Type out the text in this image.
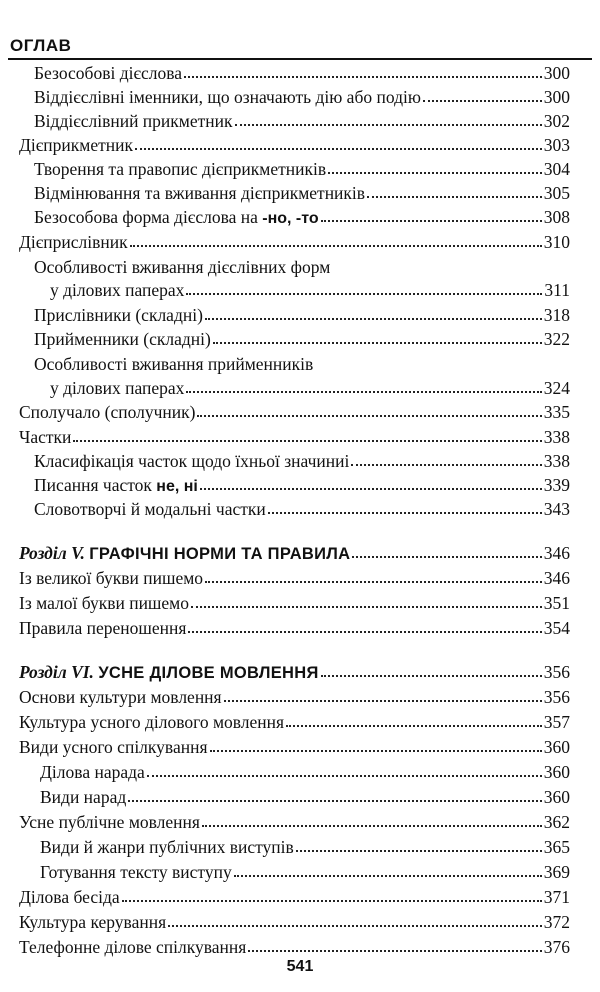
ОГЛАВ
Безособові дієслова	300
Віддієслівні іменники, що означають дію або подію	300
Віддієслівний прикметник	302
Дієприкметник	303
Творення та правопис дієприкметників	304
Відмінювання та вживання дієприкметників	305
Безособова форма дієслова на -но, -то	308
Дієприслівник	310
Особливості вживання дієслівних форм
у ділових паперах	311
Прислівники (складні)	318
Прийменники (складні)	322
Особливості вживання прийменників
у ділових паперах	324
Сполучало (сполучник)	335
Частки	338
Класифікація часток щодо їхньої значиниі	338
Писання часток не, ні	339
Словотворчі й модальні частки	343
Розділ V. ГРАФІЧНІ НОРМИ ТА ПРАВИЛА	346
Із великої букви пишемо	346
Із малої букви пишемо	351
Правила переношення	354
Розділ VI. УСНЕ ДІЛОВЕ МОВЛЕННЯ	356
Основи культури мовлення	356
Культура усного ділового мовлення	357
Види усного спілкування	360
Ділова нарада	360
Види нарад	360
Усне публічне мовлення	362
Види й жанри публічних виступів	365
Готування тексту виступу	369
Ділова бесіда	371
Культура керування	372
Телефонне ділове спілкування	376
541
